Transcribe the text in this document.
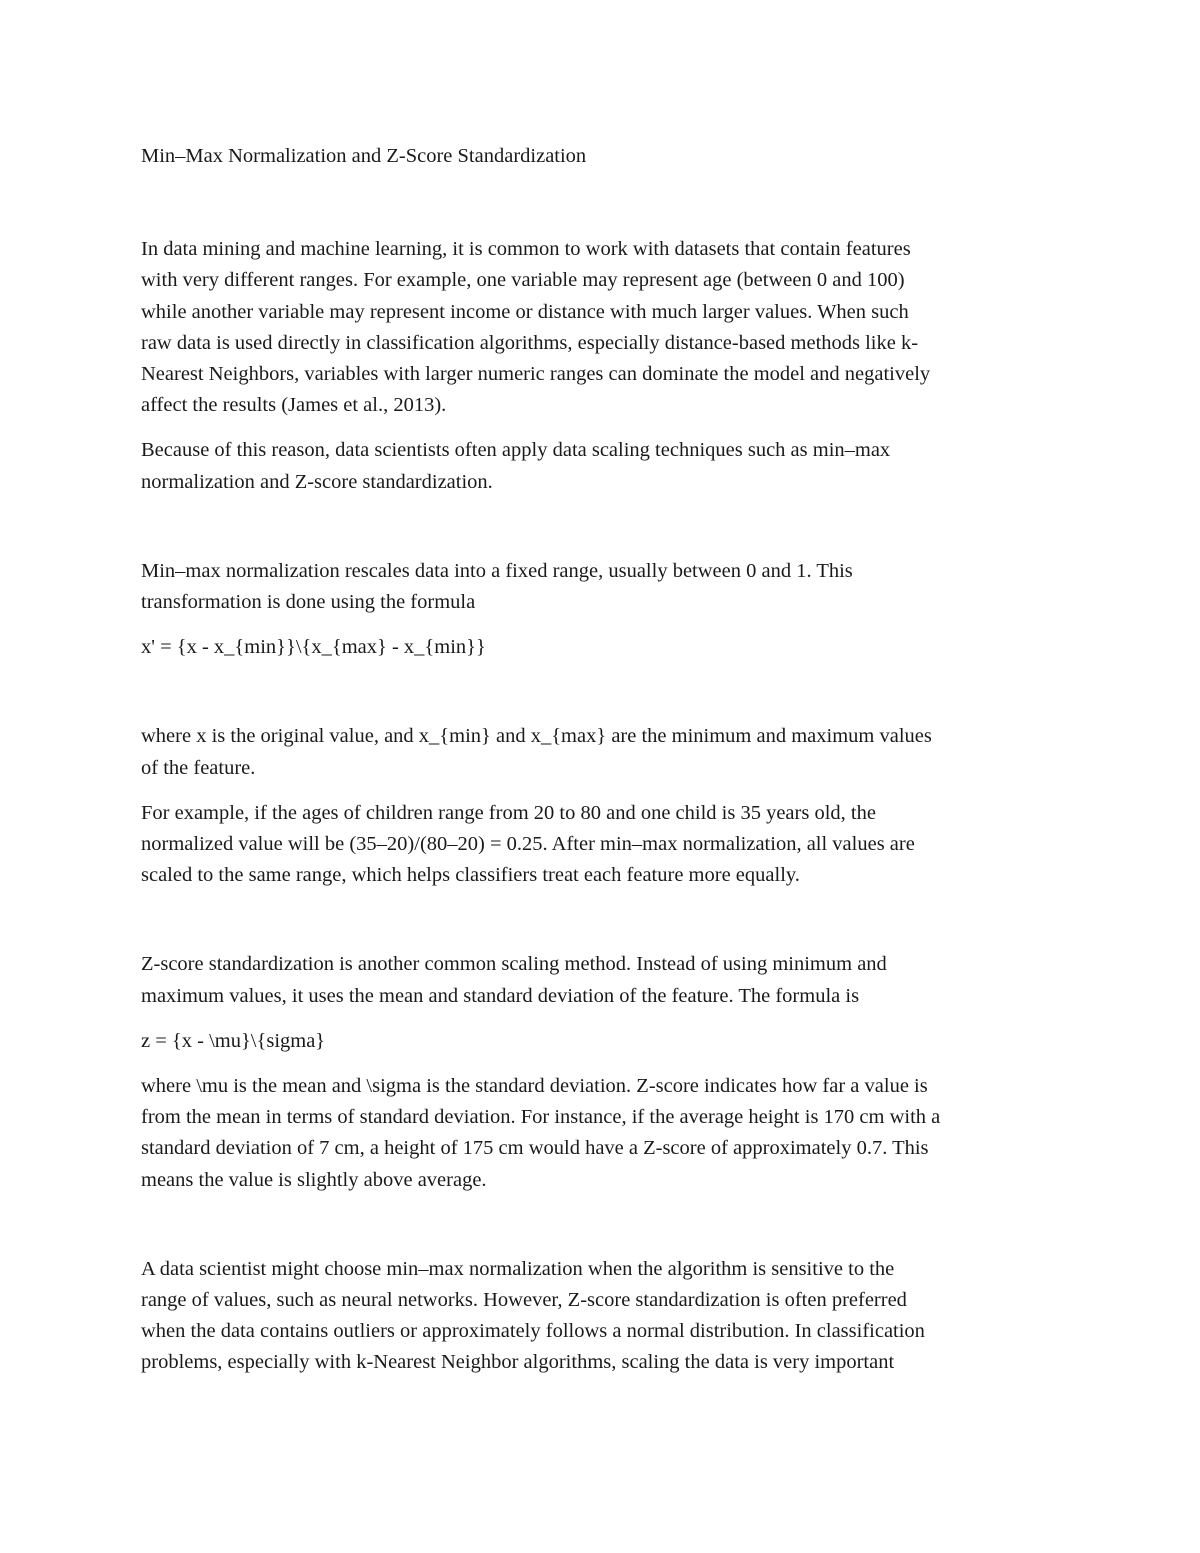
Min–Max Normalization and Z-Score Standardization

In data mining and machine learning, it is common to work with datasets that contain features
with very different ranges. For example, one variable may represent age (between 0 and 100)
while another variable may represent income or distance with much larger values. When such
raw data is used directly in classification algorithms, especially distance-based methods like k-
Nearest Neighbors, variables with larger numeric ranges can dominate the model and negatively
affect the results (James et al., 2013).

Because of this reason, data scientists often apply data scaling techniques such as min–max
normalization and Z-score standardization.

Min–max normalization rescales data into a fixed range, usually between 0 and 1. This
transformation is done using the formula

x' = {x - x_{min}}\{x_{max} - x_{min}}

where x is the original value, and x_{min} and x_{max} are the minimum and maximum values
of the feature.

For example, if the ages of children range from 20 to 80 and one child is 35 years old, the
normalized value will be (35–20)/(80–20) = 0.25. After min–max normalization, all values are
scaled to the same range, which helps classifiers treat each feature more equally.

Z-score standardization is another common scaling method. Instead of using minimum and
maximum values, it uses the mean and standard deviation of the feature. The formula is

z = {x - \mu}\{sigma}

where \mu is the mean and \sigma is the standard deviation. Z-score indicates how far a value is
from the mean in terms of standard deviation. For instance, if the average height is 170 cm with a
standard deviation of 7 cm, a height of 175 cm would have a Z-score of approximately 0.7. This
means the value is slightly above average.

A data scientist might choose min–max normalization when the algorithm is sensitive to the
range of values, such as neural networks. However, Z-score standardization is often preferred
when the data contains outliers or approximately follows a normal distribution. In classification
problems, especially with k-Nearest Neighbor algorithms, scaling the data is very important
